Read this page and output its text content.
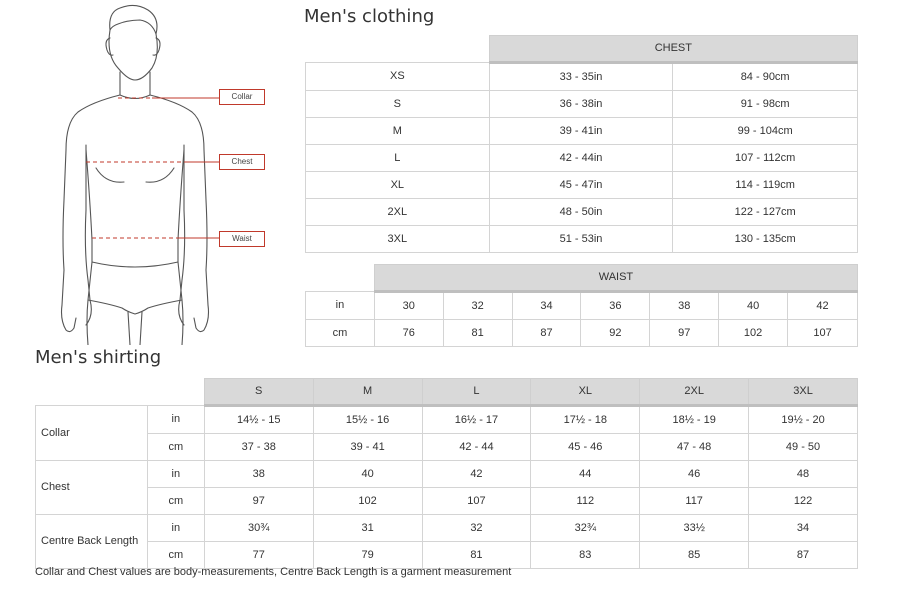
Collar
Chest
Waist
Men's clothing
	CHEST	
XS	33 - 35in	84 - 90cm
S	36 - 38in	91 - 98cm
M	39 - 41in	99 - 104cm
L	42 - 44in	107 - 112cm
XL	45 - 47in	114 - 119cm
2XL	48 - 50in	122 - 127cm
3XL	51 - 53in	130 - 135cm
	WAIST						
in	30	32	34	36	38	40	42
cm	76	81	87	92	97	102	107
Men's shirting
		S	M	L	XL	2XL	3XL
Collar	in	14½ - 15	15½ - 16	16½ - 17	17½ - 18	18½ - 19	19½ - 20
	cm	37 - 38	39 - 41	42 - 44	45 - 46	47 - 48	49 - 50
Chest	in	38	40	42	44	46	48
	cm	97	102	107	112	117	122
Centre Back Length	in	30¾	31	32	32¾	33½	34
	cm	77	79	81	83	85	87
Collar and Chest values are body-measurements, Centre Back Length is a garment measurement
